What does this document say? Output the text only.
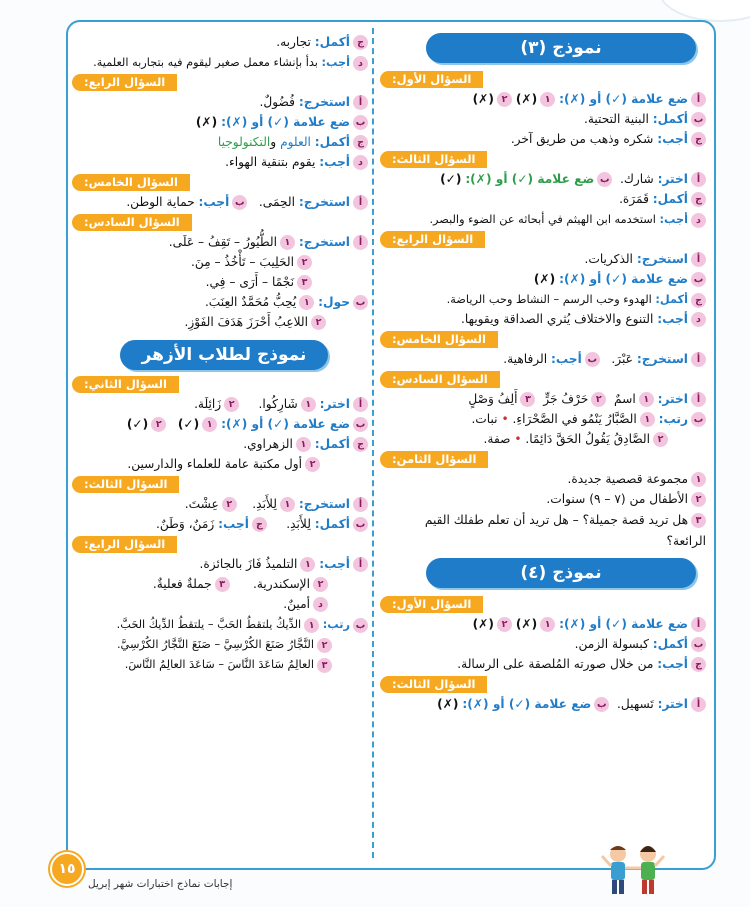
نموذج (٣)
السؤال الأول:
أضع علامة (✓) أو (✗): ١(✗) ٢(✗)
بأكمل: البنية التحتية.
جأجب: شكره وذهب من طريق آخر.
السؤال الثالث:
أاختر: شارك.  بضع علامة (✓) أو (✗): (✓)
جأكمل: قَمَرَة.
دأجب: استخدمه ابن الهيثم في أبحاثه عن الضوء والبصر.
السؤال الرابع:
أاستخرج: الذكريات.
بضع علامة (✓) أو (✗): (✗)
جأكمل: الهدوء وحب الرسم – النشاط وحب الرياضة.
دأجب: التنوع والاختلاف يُثري الصداقة ويقويها.
السؤال الخامس:
أاستخرج: عَبْرَ.   بأجب: الرفاهية.
السؤال السادس:
أاختر: ١اسمٌ  ٢حَرْفُ جَرٍّ  ٣أَلِفُ وَصْلٍ
برتب: ١الصَّبَّارُ يَنْمُو في الصَّحْرَاءِ. • نبات.
٢الصَّادِقُ يَقُولُ الحَقَّ دَائِمًا. • صفة.
السؤال الثامن:
١مجموعة قصصية جديدة.
٢الأطفال من (٧ – ٩) سنوات.
٣هل تريد قصة جميلة؟ – هل تريد أن تعلم طفلك القيم الرائعة؟
نموذج (٤)
السؤال الأول:
أضع علامة (✓) أو (✗): ١(✗) ٢(✗)
بأكمل: كبسولة الزمن.
جأجب: من خلال صورته المُلصقة على الرسالة.
السؤال الثالث:
أاختر: تَسهيل.  بضع علامة (✓) أو (✗): (✗)
جأكمل: تجاربه.
دأجب: بدأ بإنشاء معمل صغير ليقوم فيه بتجاربه العلمية.
السؤال الرابع:
أاستخرج: فُضُولٌ.
بضع علامة (✓) أو (✗): (✗)
جأكمل: العلوم والتكنولوجيا
دأجب: يقوم بتنقية الهواء.
السؤال الخامس:
أاستخرج: الحِمَى.   بأجب: حماية الوطن.
السؤال السادس:
أاستخرج: ١الطُّيُورُ – تَقِفُ – عَلَى.
٢الحَلِيبَ – تَأْخُذُ – مِنَ.
٣نَجْمًا – أَرَى – فِي.
بحول: ١يُحِبُّ مُحَمَّدٌ العِنَبَ.
٢اللاعِبُ أَحْرَزَ هَدَفَ الفَوْزِ.
نموذج لطلاب الأزهر
السؤال الثاني:
أاختر: ١شَارِكُوا.     ٢زَائِلَة.
بضع علامة (✓) أو (✗): ١(✓)   ٢(✓)
جأكمل: ١الزهراوي.
٢أول مكتبة عامة للعلماء والدارسين.
السؤال الثالث:
أاستخرج: ١لِلأَبَدِ.    ٢عِشْتَ.
بأكمل: لِلأَبَدِ.     جأجب: زَمَنٌ، وَطَنٌ.
السؤال الرابع:
أأجب: ١التلميذُ فَازَ بالجائزة.
٢الإسكندرية.      ٣جملةٌ فعليةٌ.
دأمينٌ.
برتب: ١الدِّيكُ يلتقطُ الحَبَّ – يلتقطُ الدِّيكُ الحَبَّ.
٢النَّجَّارُ صَنَعَ الكُرْسِيَّ – صَنَعَ النَّجَّارُ الكُرْسِيَّ.
٣العالِمُ سَاعَدَ النَّاسَ – سَاعَدَ العالِمُ النَّاسَ.
١٥
إجابات نماذج اختبارات شهر إبريل
